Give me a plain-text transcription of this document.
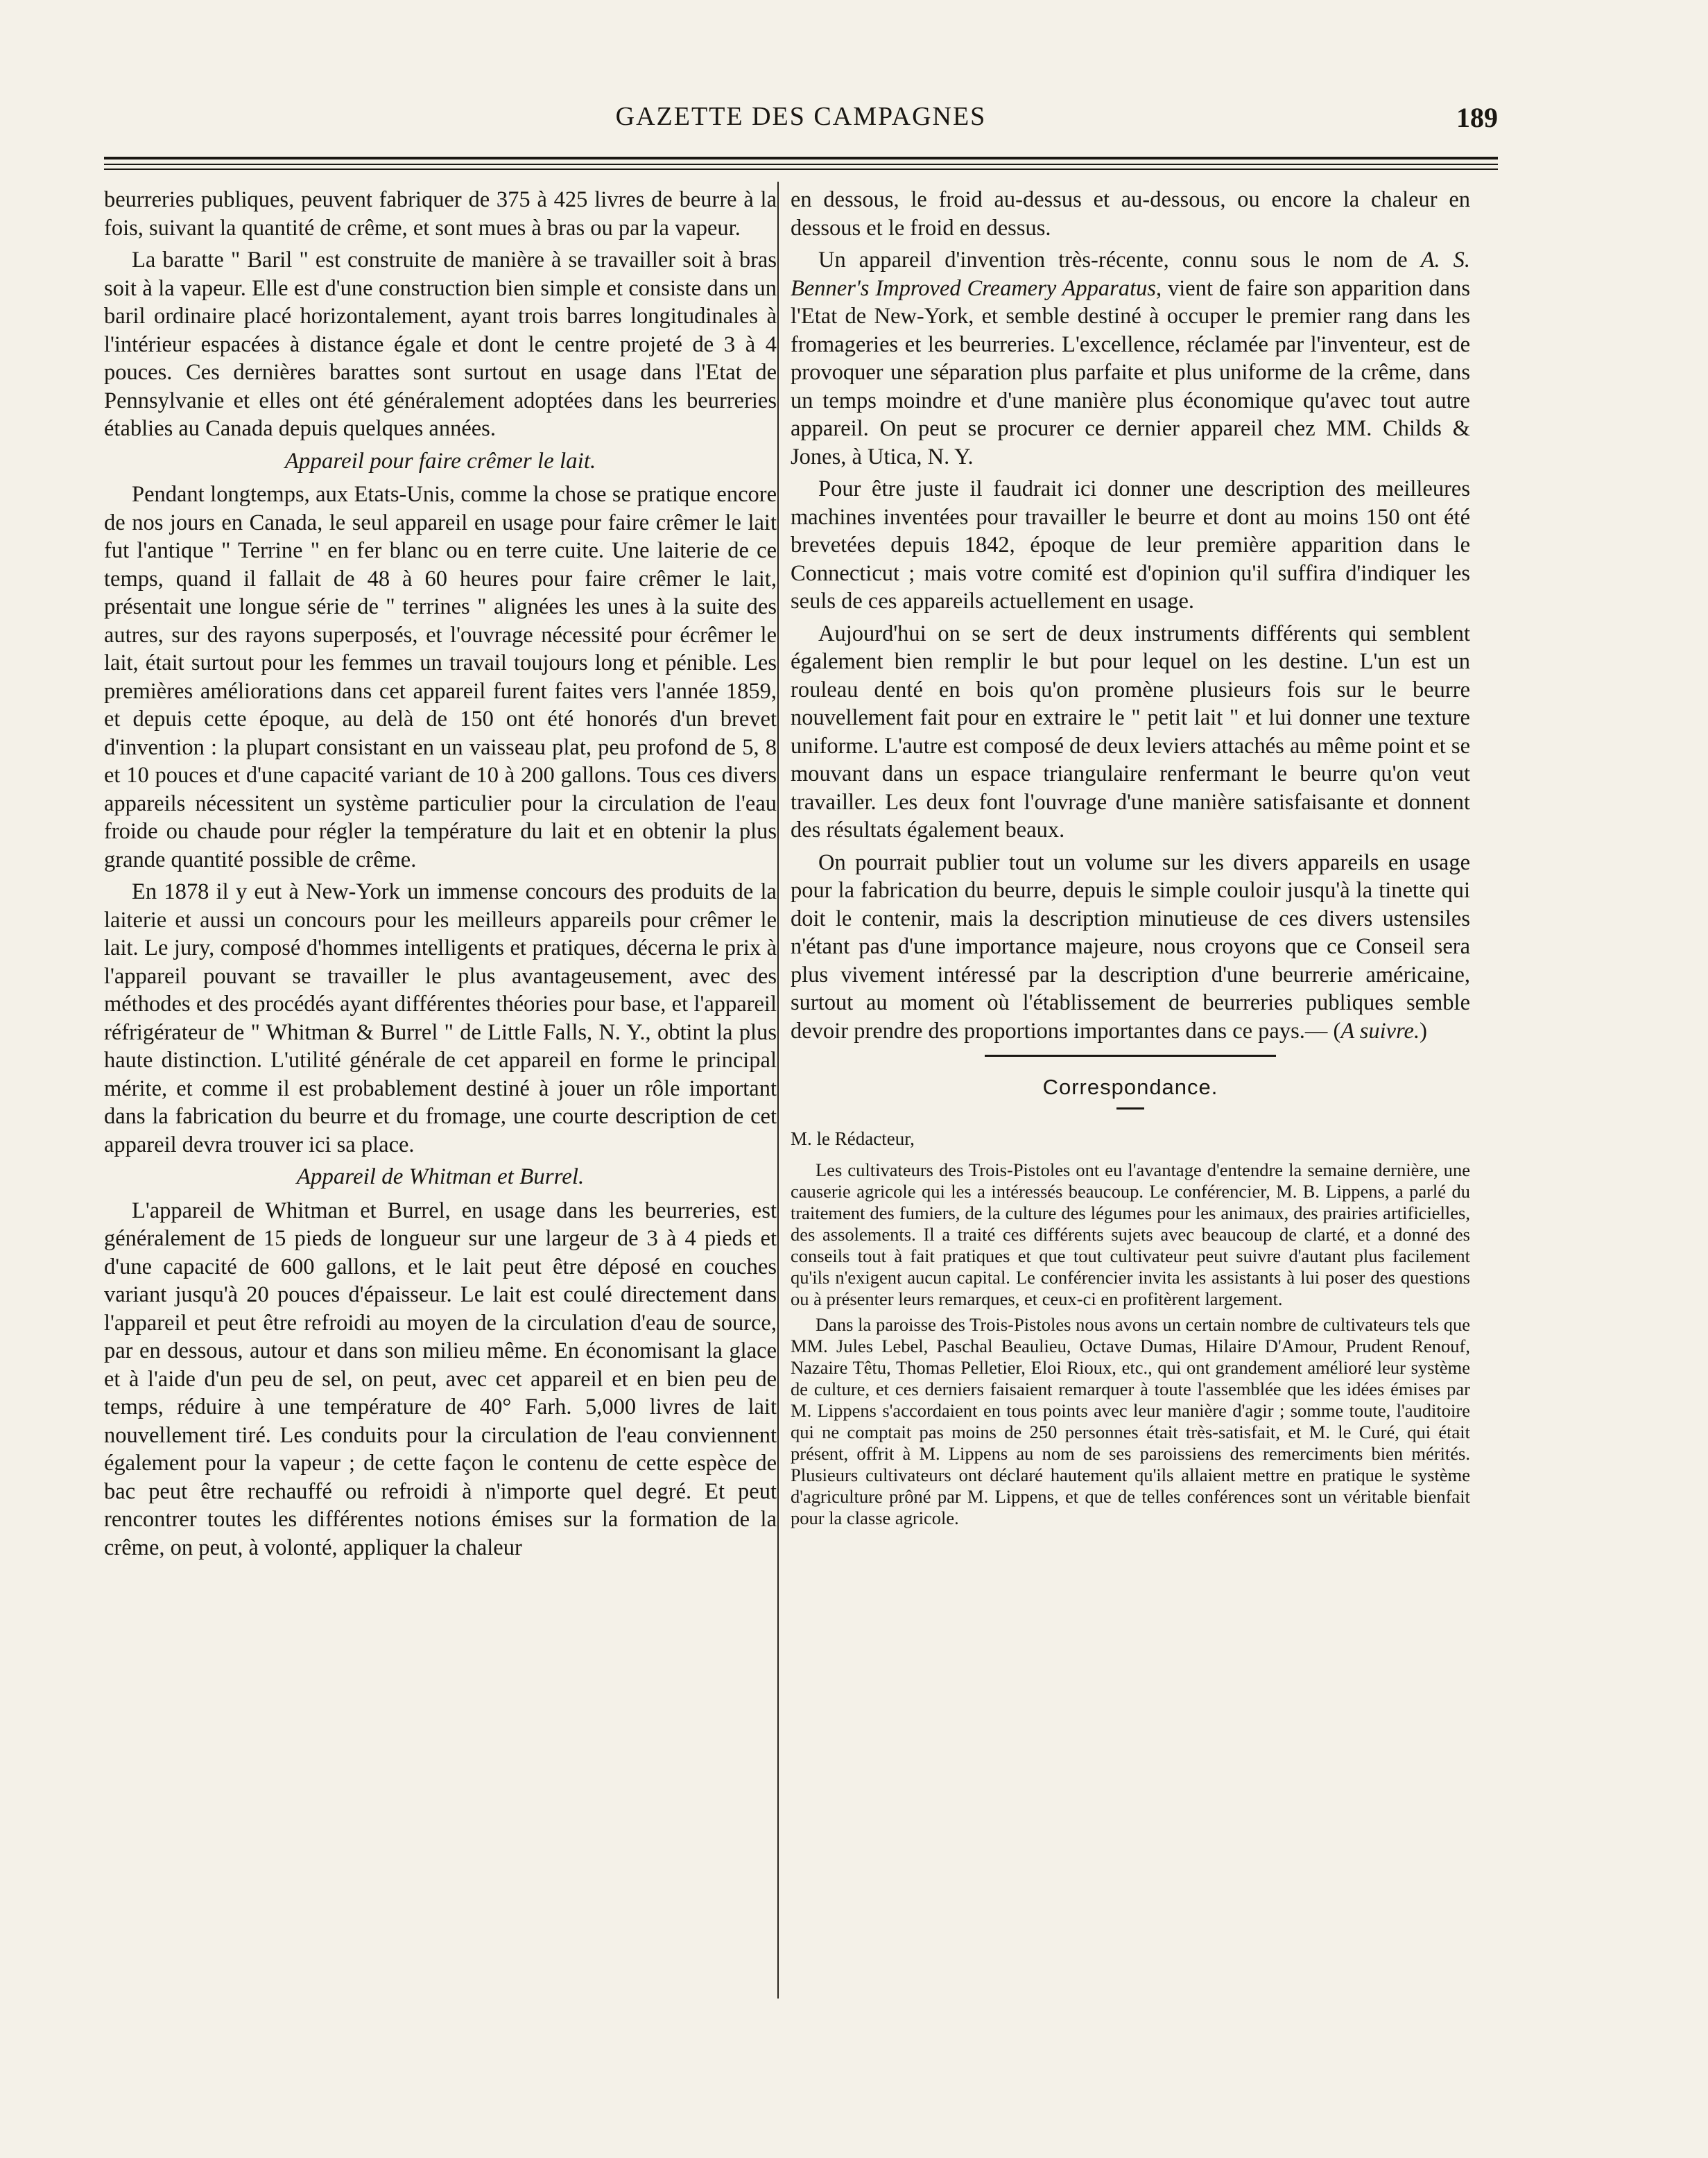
GAZETTE DES CAMPAGNES	189

beurreries publiques, peuvent fabriquer de 375 à 425 livres de beurre à la fois, suivant la quantité de crême, et sont mues à bras ou par la vapeur.

La baratte " Baril " est construite de manière à se travailler soit à bras soit à la vapeur. Elle est d'une construction bien simple et consiste dans un baril ordinaire placé horizontalement, ayant trois barres longitudinales à l'intérieur espacées à distance égale et dont le centre projeté de 3 à 4 pouces. Ces dernières barattes sont surtout en usage dans l'Etat de Pennsylvanie et elles ont été généralement adoptées dans les beurreries établies au Canada depuis quelques années.

Appareil pour faire crêmer le lait.

Pendant longtemps, aux Etats-Unis, comme la chose se pratique encore de nos jours en Canada, le seul appareil en usage pour faire crêmer le lait fut l'antique " Terrine " en fer blanc ou en terre cuite. Une laiterie de ce temps, quand il fallait de 48 à 60 heures pour faire crêmer le lait, présentait une longue série de " terrines " alignées les unes à la suite des autres, sur des rayons superposés, et l'ouvrage nécessité pour écrêmer le lait, était surtout pour les femmes un travail toujours long et pénible. Les premières améliorations dans cet appareil furent faites vers l'année 1859, et depuis cette époque, au delà de 150 ont été honorés d'un brevet d'invention : la plupart consistant en un vaisseau plat, peu profond de 5, 8 et 10 pouces et d'une capacité variant de 10 à 200 gallons. Tous ces divers appareils nécessitent un système particulier pour la circulation de l'eau froide ou chaude pour régler la température du lait et en obtenir la plus grande quantité possible de crême.

En 1878 il y eut à New-York un immense concours des produits de la laiterie et aussi un concours pour les meilleurs appareils pour crêmer le lait. Le jury, composé d'hommes intelligents et pratiques, décerna le prix à l'appareil pouvant se travailler le plus avantageusement, avec des méthodes et des procédés ayant différentes théories pour base, et l'appareil réfrigérateur de " Whitman & Burrel " de Little Falls, N. Y., obtint la plus haute distinction. L'utilité générale de cet appareil en forme le principal mérite, et comme il est probablement destiné à jouer un rôle important dans la fabrication du beurre et du fromage, une courte description de cet appareil devra trouver ici sa place.

Appareil de Whitman et Burrel.

L'appareil de Whitman et Burrel, en usage dans les beurreries, est généralement de 15 pieds de longueur sur une largeur de 3 à 4 pieds et d'une capacité de 600 gallons, et le lait peut être déposé en couches variant jusqu'à 20 pouces d'épaisseur. Le lait est coulé directement dans l'appareil et peut être refroidi au moyen de la circulation d'eau de source, par en dessous, autour et dans son milieu même. En économisant la glace et à l'aide d'un peu de sel, on peut, avec cet appareil et en bien peu de temps, réduire à une température de 40° Farh. 5,000 livres de lait nouvellement tiré. Les conduits pour la circulation de l'eau conviennent également pour la vapeur ; de cette façon le contenu de cette espèce de bac peut être rechauffé ou refroidi à n'importe quel degré. Et peut rencontrer toutes les différentes notions émises sur la formation de la crême, on peut, à volonté, appliquer la chaleur

en dessous, le froid au-dessus et au-dessous, ou encore la chaleur en dessous et le froid en dessus.

Un appareil d'invention très-récente, connu sous le nom de A. S. Benner's Improved Creamery Apparatus, vient de faire son apparition dans l'Etat de New-York, et semble destiné à occuper le premier rang dans les fromageries et les beurreries. L'excellence, réclamée par l'inventeur, est de provoquer une séparation plus parfaite et plus uniforme de la crême, dans un temps moindre et d'une manière plus économique qu'avec tout autre appareil. On peut se procurer ce dernier appareil chez MM. Childs & Jones, à Utica, N. Y.

Pour être juste il faudrait ici donner une description des meilleures machines inventées pour travailler le beurre et dont au moins 150 ont été brevetées depuis 1842, époque de leur première apparition dans le Connecticut ; mais votre comité est d'opinion qu'il suffira d'indiquer les seuls de ces appareils actuellement en usage.

Aujourd'hui on se sert de deux instruments différents qui semblent également bien remplir le but pour lequel on les destine. L'un est un rouleau denté en bois qu'on promène plusieurs fois sur le beurre nouvellement fait pour en extraire le " petit lait " et lui donner une texture uniforme. L'autre est composé de deux leviers attachés au même point et se mouvant dans un espace triangulaire renfermant le beurre qu'on veut travailler. Les deux font l'ouvrage d'une manière satisfaisante et donnent des résultats également beaux.

On pourrait publier tout un volume sur les divers appareils en usage pour la fabrication du beurre, depuis le simple couloir jusqu'à la tinette qui doit le contenir, mais la description minutieuse de ces divers ustensiles n'étant pas d'une importance majeure, nous croyons que ce Conseil sera plus vivement intéressé par la description d'une beurrerie américaine, surtout au moment où l'établissement de beurreries publiques semble devoir prendre des proportions importantes dans ce pays.— (A suivre.)

Correspondance.
M. le Rédacteur,

Les cultivateurs des Trois-Pistoles ont eu l'avantage d'entendre la semaine dernière, une causerie agricole qui les a intéressés beaucoup. Le conférencier, M. B. Lippens, a parlé du traitement des fumiers, de la culture des légumes pour les animaux, des prairies artificielles, des assolements. Il a traité ces différents sujets avec beaucoup de clarté, et a donné des conseils tout à fait pratiques et que tout cultivateur peut suivre d'autant plus facilement qu'ils n'exigent aucun capital. Le conférencier invita les assistants à lui poser des questions ou à présenter leurs remarques, et ceux-ci en profitèrent largement.

Dans la paroisse des Trois-Pistoles nous avons un certain nombre de cultivateurs tels que MM. Jules Lebel, Paschal Beaulieu, Octave Dumas, Hilaire D'Amour, Prudent Renouf, Nazaire Têtu, Thomas Pelletier, Eloi Rioux, etc., qui ont grandement amélioré leur système de culture, et ces derniers faisaient remarquer à toute l'assemblée que les idées émises par M. Lippens s'accordaient en tous points avec leur manière d'agir ; somme toute, l'auditoire qui ne comptait pas moins de 250 personnes était très-satisfait, et M. le Curé, qui était présent, offrit à M. Lippens au nom de ses paroissiens des remerciments bien mérités. Plusieurs cultivateurs ont déclaré hautement qu'ils allaient mettre en pratique le système d'agriculture prôné par M. Lippens, et que de telles conférences sont un véritable bienfait pour la classe agricole.
